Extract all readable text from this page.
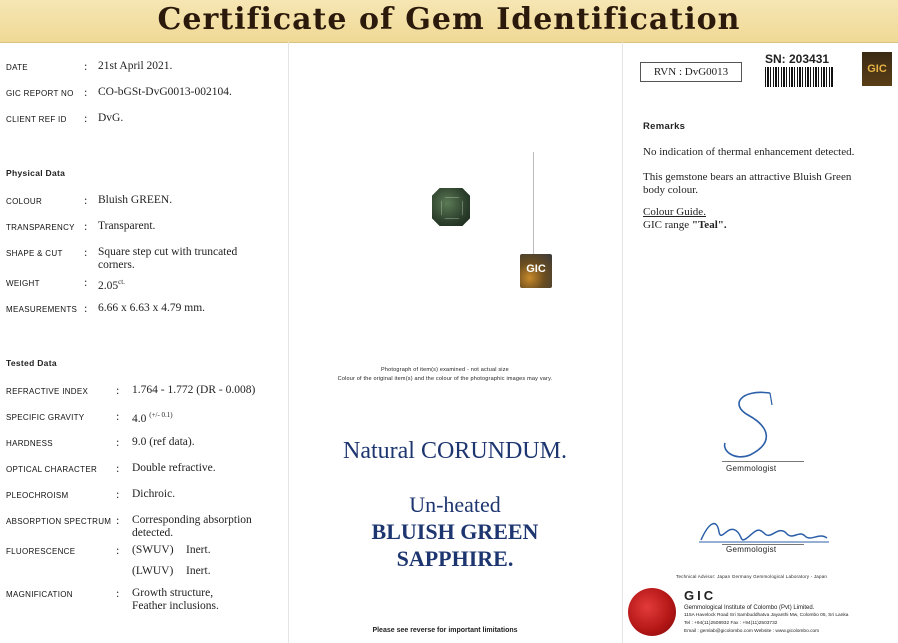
Certificate of Gem Identification
DATE	: 21st April 2021.
GIC REPORT NO : CO-bGSt-DvG0013-002104.
CLIENT REF ID : DvG.
Physical Data
COLOUR	: Bluish GREEN.
TRANSPARENCY : Transparent.
SHAPE & CUT : Square step cut with truncated
corners.
WEIGHT	: $2.05^{ct.}$
MEASUREMENTS : 6.66 x 6.63 x 4.79 mm.
Tested Data
REFRACTIVE INDEX : 1.764 - 1.772 (DR - 0.008)
SPECIFIC GRAVITY	: 4.0 $^{(+/- 0.1)}$
HARDNESS	: 9.0 (ref data).
OPTICAL CHARACTER : Double refractive.
PLEOCHROISM	: Dichroic.
ABSORPTION SPECTRUM : Corresponding absorption
detected.
FLUORESCENCE	: (SWUV) Inert.
(LWUV) Inert.
MAGNIFICATION	: Growth structure,
Feather inclusions.
GIC
Photograph of item(s) examined - not actual size
Colour of the original item(s) and the colour of the photographic images may vary.
Natural CORUNDUM.
Un-heated
BLUISH GREEN
SAPPHIRE.
Please see reverse for important limitations
RVN : DvG0013
SN: 203431
GIC
Remarks
No indication of thermal enhancement detected.
This gemstone bears an attractive Bluish Green
body colour.
Colour Guide.
GIC range "Teal".
Gemmologist
Gemmologist
Technical Advisor: Japan Germany Gemmological Laboratory - Japan
GIC
Gemmological Institute of Colombo (Pvt) Limited.
115A Havelock Road Sri Sambuddhatva Jayanthi Mw, Colombo 05, Sri Lanka
Tel : +94(11)2508932 Fax : +94(11)2503732
Email : gemlab@gicolombo.com Website : www.gicolombo.com
